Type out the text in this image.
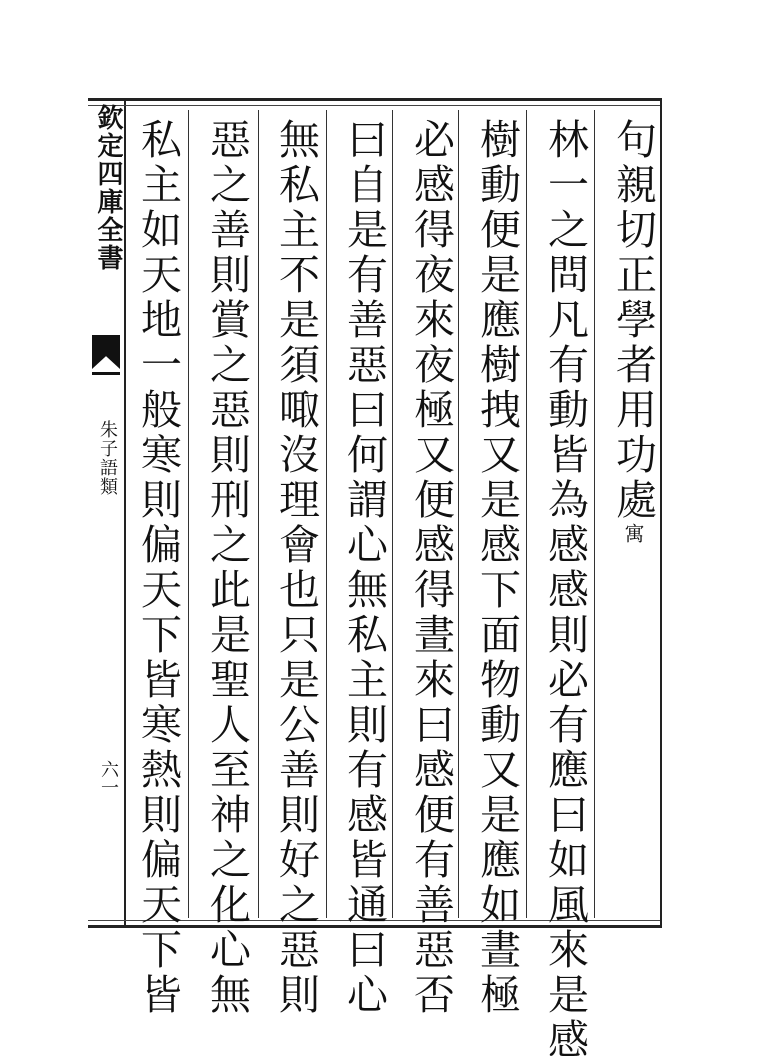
欽定四庫全書
朱子語類
六一
句親切正學者用功處寓
林一之問凡有動皆為感感則必有應曰如風來是感
樹動便是應樹拽又是感下面物動又是應如晝極
必感得夜來夜極又便感得晝來曰感便有善惡否
曰自是有善惡曰何謂心無私主則有感皆通曰心
無私主不是須㖩沒理會也只是公善則好之惡則
惡之善則賞之惡則刑之此是聖人至神之化心無
私主如天地一般寒則偏天下皆寒熱則偏天下皆
